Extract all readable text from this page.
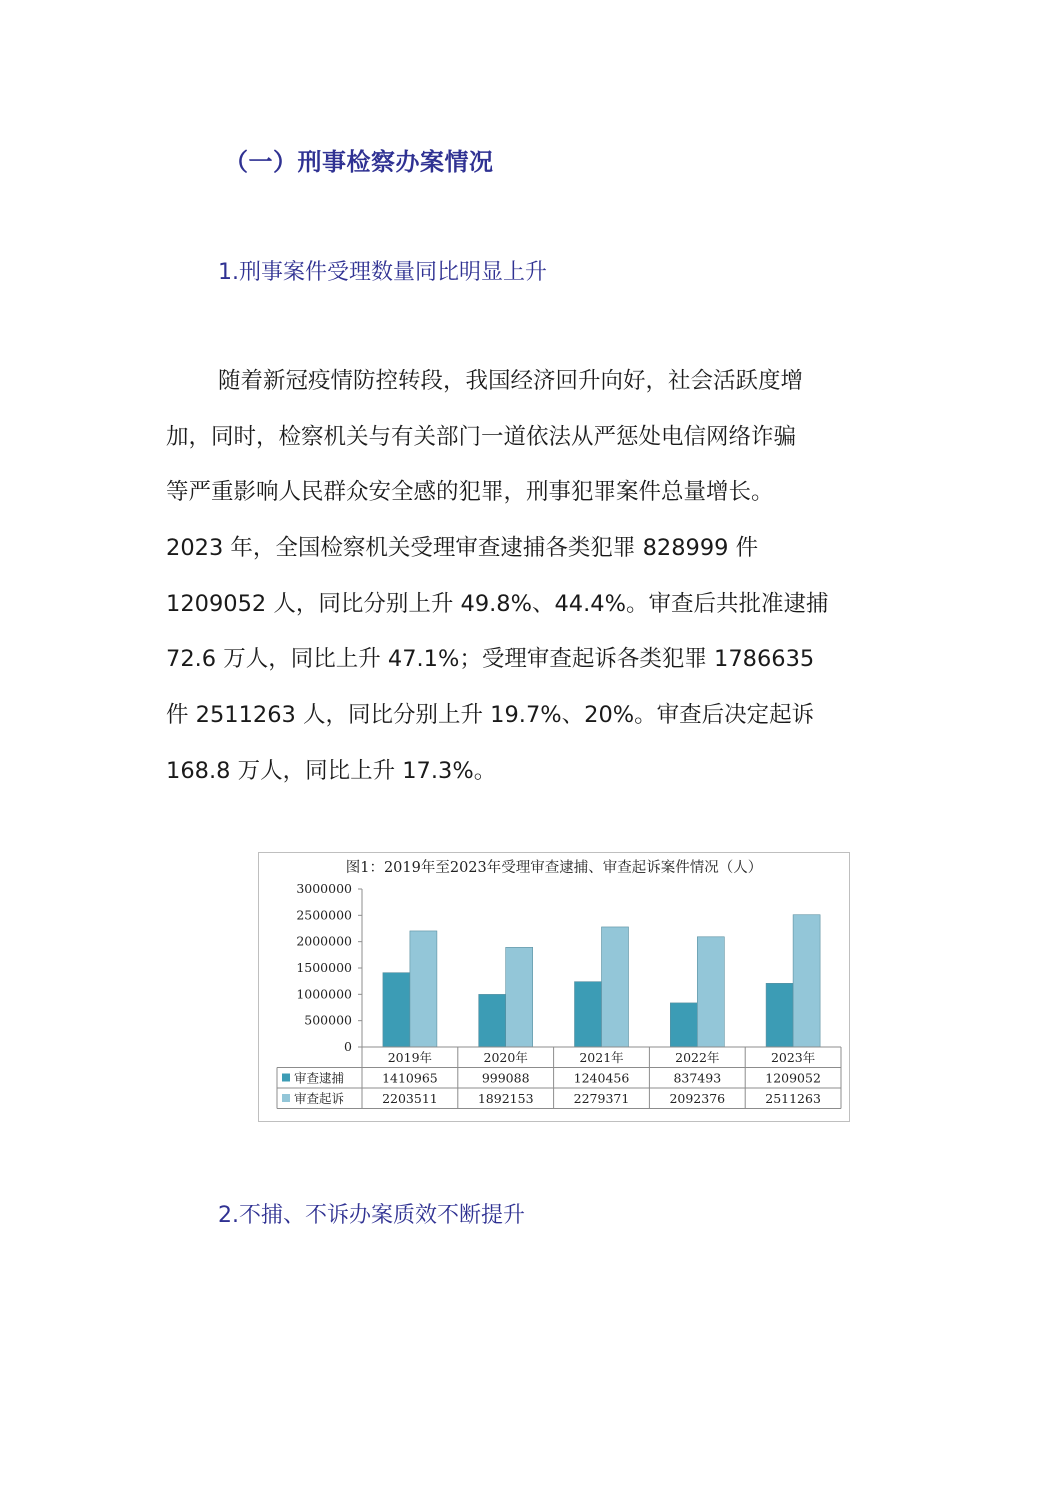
（一）刑事检察办案情况
1.刑事案件受理数量同比明显上升
随着新冠疫情防控转段，我国经济回升向好，社会活跃度增
加，同时，检察机关与有关部门一道依法从严惩处电信网络诈骗
等严重影响人民群众安全感的犯罪，刑事犯罪案件总量增长。
2023 年，全国检察机关受理审查逮捕各类犯罪 828999 件
1209052 人，同比分别上升 49.8%、44.4%。审查后共批准逮捕
72.6 万人，同比上升 47.1%；受理审查起诉各类犯罪 1786635
件 2511263 人，同比分别上升 19.7%、20%。审查后决定起诉
168.8 万人，同比上升 17.3%。
图1：2019年至2023年受理审查逮捕、审查起诉案件情况（人）
3000000
2500000
2000000
1500000
1000000
500000
0
2019年	2020年	2021年	2022年	2023年
审查逮捕	1410965	999088	1240456	837493	1209052
审查起诉	2203511	1892153	2279371	2092376	2511263
2.不捕、不诉办案质效不断提升
